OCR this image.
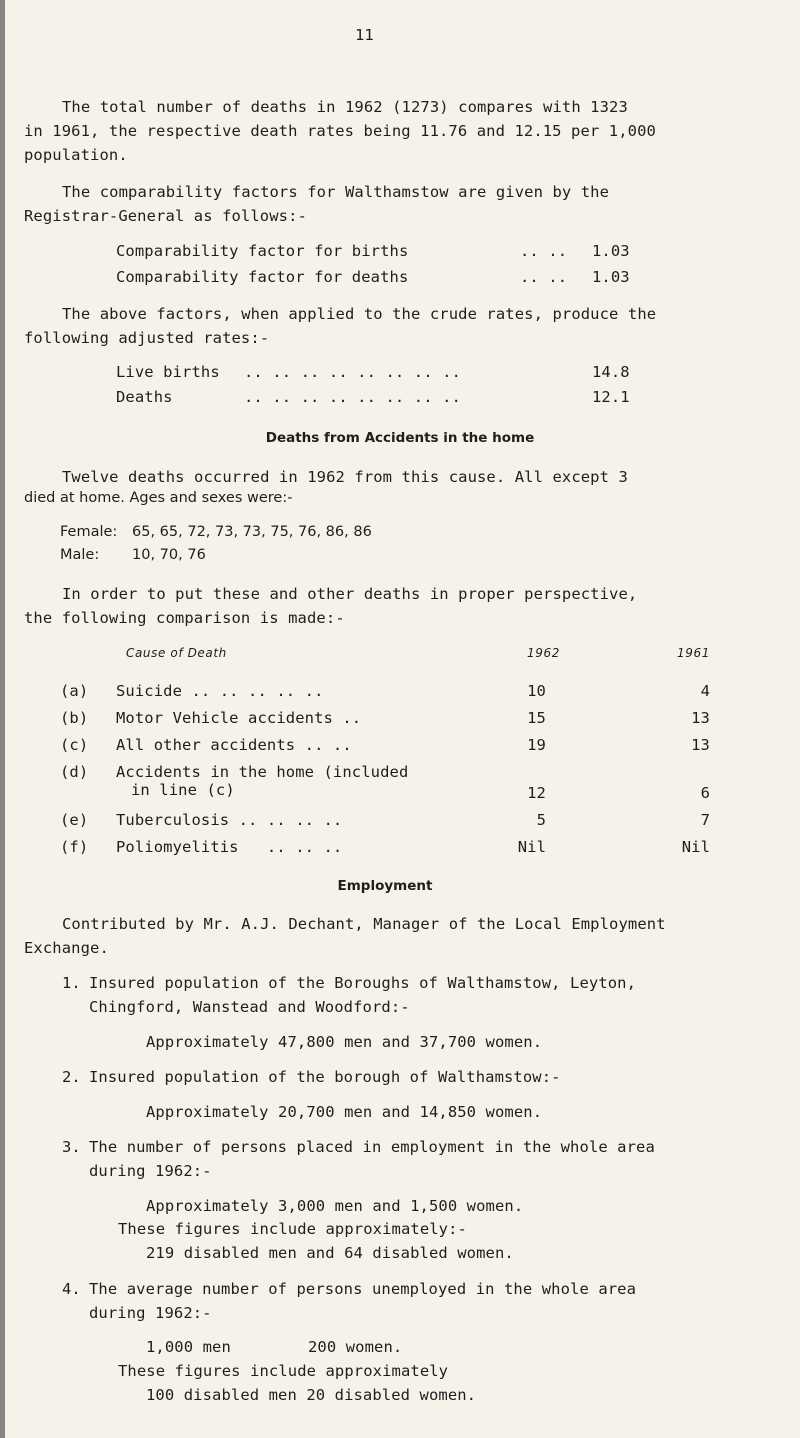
11
The total number of deaths in 1962 (1273) compares with 1323
in 1961, the respective death rates being 11.76 and 12.15 per 1,000
population.
The comparability factors for Walthamstow are given by the
Registrar-General as follows:-
Comparability factor for births	.. .. 1.03
Comparability factor for deaths	.. .. 1.03
The above factors, when applied to the crude rates, produce the
following adjusted rates:-
Live births .. .. .. .. .. .. .. ..	14.8
Deaths	.. .. .. .. .. .. .. ..	12.1
Deaths from Accidents in the home
Twelve deaths occurred in 1962 from this cause. All except 3
died at home. Ages and sexes were:-
Female: 65, 65, 72, 73, 73, 75, 76, 86, 86
Male: 10, 70, 76
In order to put these and other deaths in proper perspective,
the following comparison is made:-
Cause of Death	1962	1961
(a) Suicide .. .. .. .. ..	10	4
(b) Motor Vehicle accidents ..	15	13
(c) All other accidents .. ..	19	13
(d) Accidents in the home (included
in line (c)	12	6
(e) Tuberculosis .. .. .. ..	5	7
(f) Poliomyelitis   .. .. ..	Nil	Nil
Employment
Contributed by Mr. A.J. Dechant, Manager of the Local Employment
Exchange.
1. Insured population of the Boroughs of Walthamstow, Leyton,
Chingford, Wanstead and Woodford:-
Approximately 47,800 men and 37,700 women.
2. Insured population of the borough of Walthamstow:-
Approximately 20,700 men and 14,850 women.
3. The number of persons placed in employment in the whole area
during 1962:-
Approximately 3,000 men and 1,500 women.
These figures include approximately:-
219 disabled men and 64 disabled women.
4. The average number of persons unemployed in the whole area
during 1962:-
1,000 men	200 women.
These figures include approximately
100 disabled men 20 disabled women.
